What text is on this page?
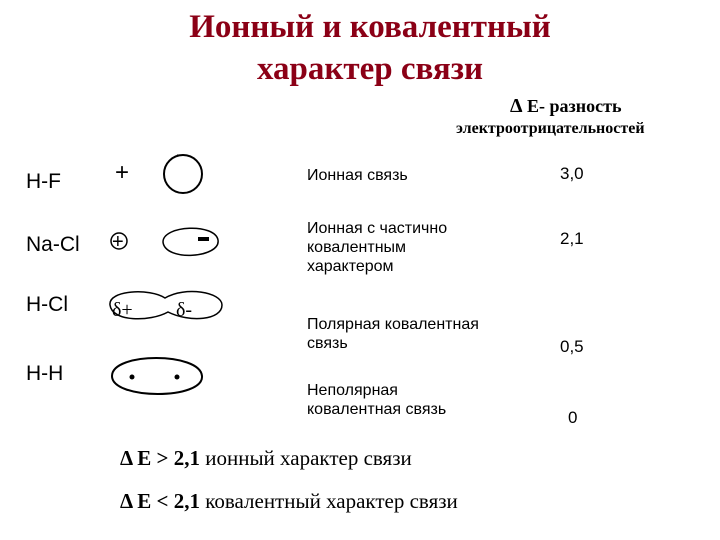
Ионный и ковалентный
характер связи
Δ E- разность
электроотрицательностей
H-F
Na-Cl
H-Cl
H-H
+
−
+
δ+ δ-
Ионная связь
Ионная с частично ковалентным характером
Полярная ковалентная связь
Неполярная ковалентная связь
3,0
2,1
0,5
0
Δ E > 2,1 ионный характер связи
Δ E < 2,1 ковалентный характер связи
